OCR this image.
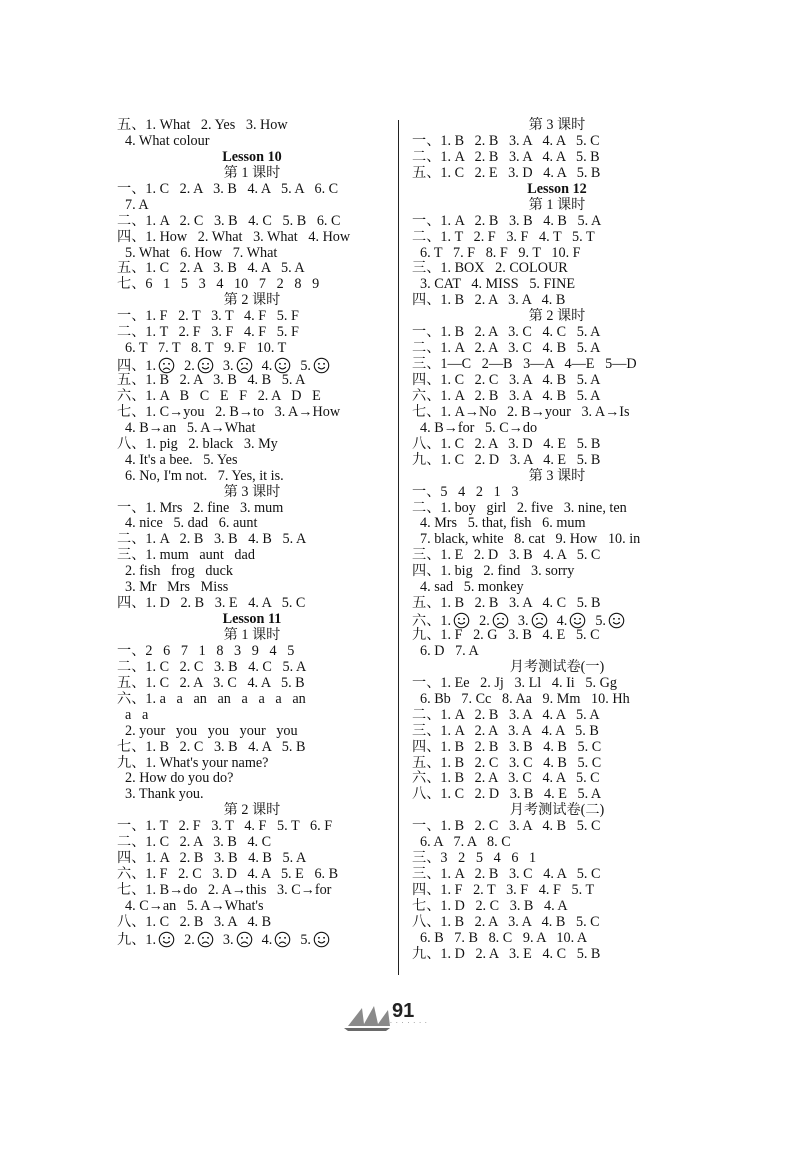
五、1. What   2. Yes   3. How
4. What colour
Lesson 10
第 1 课时
一、1. C   2. A   3. B   4. A   5. A   6. C
7. A
二、1. A   2. C   3. B   4. C   5. B   6. C
四、1. How   2. What   3. What   4. How
5. What   6. How   7. What
五、1. C   2. A   3. B   4. A   5. A
七、6   1   5   3   4   10   7   2   8   9
第 2 课时
一、1. F   2. T   3. T   4. F   5. F
二、1. T   2. F   3. F   4. F   5. F
6. T   7. T   8. T   9. F   10. T
四、1.  2.  3.  4.  5.
五、1. B   2. A   3. B   4. B   5. A
六、1. A   B   C   E   F   2. A   D   E
七、1. C→you   2. B→to   3. A→How
4. B→an   5. A→What
八、1. pig   2. black   3. My
4. It's a bee.   5. Yes
6. No, I'm not.   7. Yes, it is.
第 3 课时
一、1. Mrs   2. fine   3. mum
4. nice   5. dad   6. aunt
二、1. A   2. B   3. B   4. B   5. A
三、1. mum   aunt   dad
2. fish   frog   duck
3. Mr   Mrs   Miss
四、1. D   2. B   3. E   4. A   5. C
Lesson 11
第 1 课时
一、2   6   7   1   8   3   9   4   5
二、1. C   2. C   3. B   4. C   5. A
五、1. C   2. A   3. C   4. A   5. B
六、1. a   a   an   an   a   a   a   an
a   a
2. your   you   you   your   you
七、1. B   2. C   3. B   4. A   5. B
九、1. What's your name?
2. How do you do?
3. Thank you.
第 2 课时
一、1. T   2. F   3. T   4. F   5. T   6. F
二、1. C   2. A   3. B   4. C
四、1. A   2. B   3. B   4. B   5. A
六、1. F   2. C   3. D   4. A   5. E   6. B
七、1. B→do   2. A→this   3. C→for
4. C→an   5. A→What's
八、1. C   2. B   3. A   4. B
九、1.  2.  3.  4.  5.
第 3 课时
一、1. B   2. B   3. A   4. A   5. C
二、1. A   2. B   3. A   4. A   5. B
五、1. C   2. E   3. D   4. A   5. B
Lesson 12
第 1 课时
一、1. A   2. B   3. B   4. B   5. A
二、1. T   2. F   3. F   4. T   5. T
6. T   7. F   8. F   9. T   10. F
三、1. BOX   2. COLOUR
3. CAT   4. MISS   5. FINE
四、1. B   2. A   3. A   4. B
第 2 课时
一、1. B   2. A   3. C   4. C   5. A
二、1. A   2. A   3. C   4. B   5. A
三、1—C   2—B   3—A   4—E   5—D
四、1. C   2. C   3. A   4. B   5. A
六、1. A   2. B   3. A   4. B   5. A
七、1. A→No   2. B→your   3. A→Is
4. B→for   5. C→do
八、1. C   2. A   3. D   4. E   5. B
九、1. C   2. D   3. A   4. E   5. B
第 3 课时
一、5   4   2   1   3
二、1. boy   girl   2. five   3. nine, ten
4. Mrs   5. that, fish   6. mum
7. black, white   8. cat   9. How   10. in
三、1. E   2. D   3. B   4. A   5. C
四、1. big   2. find   3. sorry
4. sad   5. monkey
五、1. B   2. B   3. A   4. C   5. B
六、1.  2.  3.  4.  5.
九、1. F   2. G   3. B   4. E   5. C
6. D   7. A
月考测试卷(一)
一、1. Ee   2. Jj   3. Ll   4. Ii   5. Gg
6. Bb   7. Cc   8. Aa   9. Mm   10. Hh
二、1. A   2. B   3. A   4. A   5. A
三、1. A   2. A   3. A   4. A   5. B
四、1. B   2. B   3. B   4. B   5. C
五、1. B   2. C   3. C   4. B   5. C
六、1. B   2. A   3. C   4. A   5. C
八、1. C   2. D   3. B   4. E   5. A
月考测试卷(二)
一、1. B   2. C   3. A   4. B   5. C
6. A   7. A   8. C
三、3   2   5   4   6   1
三、1. A   2. B   3. C   4. A   5. C
四、1. F   2. T   3. F   4. F   5. T
七、1. D   2. C   3. B   4. A
八、1. B   2. A   3. A   4. B   5. C
6. B   7. B   8. C   9. A   10. A
九、1. D   2. A   3. E   4. C   5. B
91
· · · · · · ·
